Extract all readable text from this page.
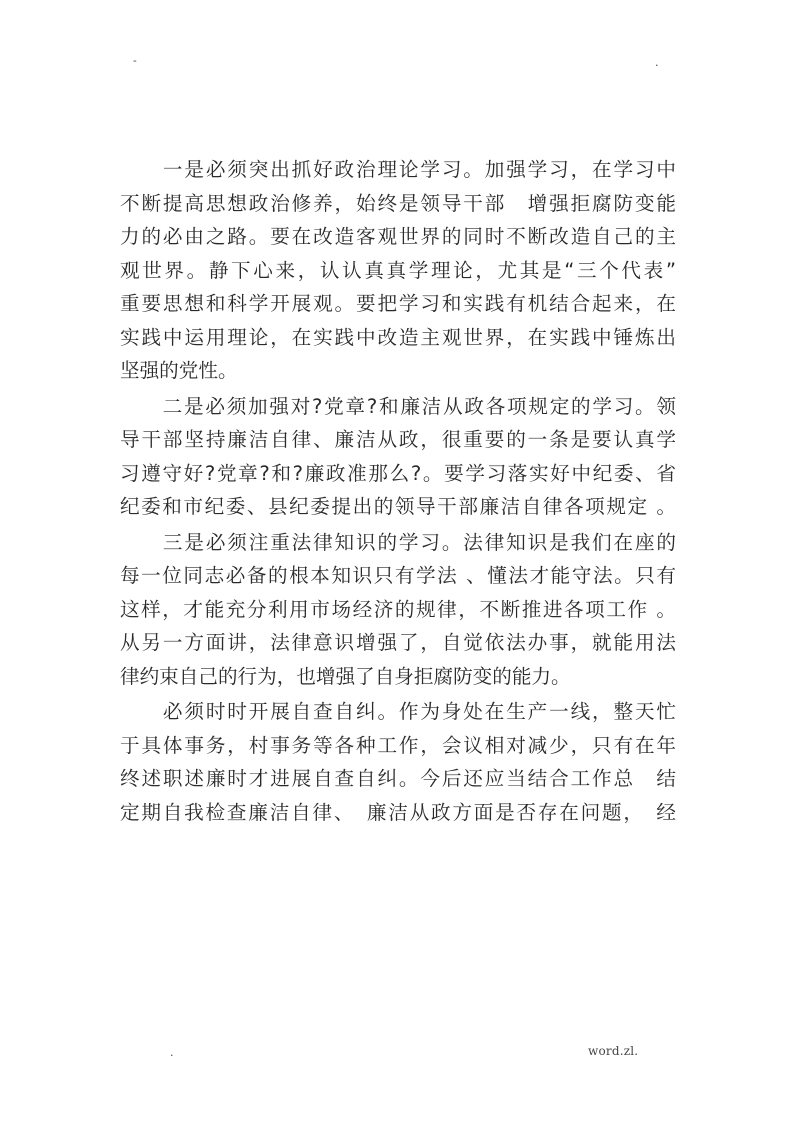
-	.
　　一是必须突出抓好政治理论学习。加强学习，在学习中
不断提高思想政治修养，始终是领导干部　增强拒腐防变能
力的必由之路。要在改造客观世界的同时不断改造自己的主
观世界。静下心来，认认真真学理论，尤其是“三个代表”
重要思想和科学开展观。要把学习和实践有机结合起来，在
实践中运用理论，在实践中改造主观世界，在实践中锤炼出
坚强的党性。
　　二是必须加强对?党章?和廉洁从政各项规定的学习。领
导干部坚持廉洁自律、廉洁从政，很重要的一条是要认真学
习遵守好?党章?和?廉政准那么?。要学习落实好中纪委、省
纪委和市纪委、县纪委提出的领导干部廉洁自律各项规定 。
　　三是必须注重法律知识的学习。法律知识是我们在座的
每一位同志必备的根本知识只有学法 、懂法才能守法。只有
这样，才能充分利用市场经济的规律，不断推进各项工作 。
从另一方面讲，法律意识增强了，自觉依法办事，就能用法
律约束自己的行为，也增强了自身拒腐防变的能力。
　　必须时时开展自查自纠。作为身处在生产一线，整天忙
于具体事务，村事务等各种工作，会议相对减少，只有在年
终述职述廉时才进展自查自纠。今后还应当结合工作总　结
定期自我检查廉洁自律、　廉洁从政方面是否存在问题，　经
.	word.zl.
